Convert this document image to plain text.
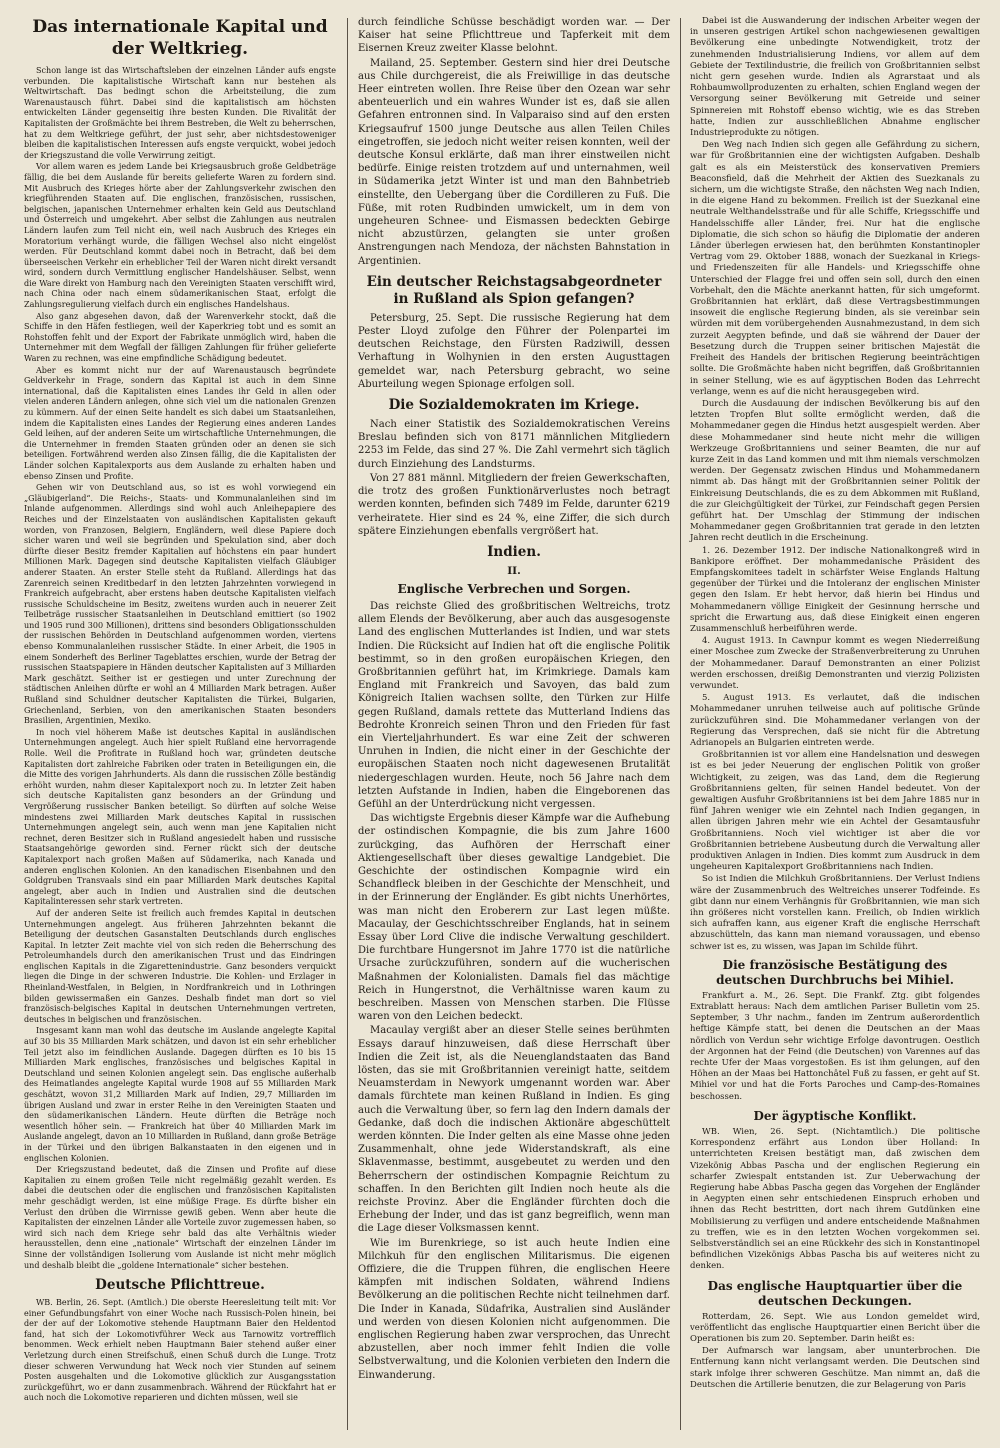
Das internationale Kapital und der Weltkrieg.

Schon lange ist das Wirtschaftsleben der einzelnen Länder aufs engste verbunden. Die kapitalistische Wirtschaft kann nur bestehen als Weltwirtschaft. Das bedingt schon die Arbeitsteilung, die zum Warenaustausch führt. Dabei sind die kapitalistisch am höchsten entwickelten Länder gegenseitig ihre besten Kunden. Die Rivalität der Kapitalisten der Großmächte bei ihrem Bestreben, die Welt zu beherrschen, hat zu dem Weltkriege geführt, der just sehr, aber nichtsdestoweniger bleiben die kapitalistischen Interessen aufs engste verquickt, wobei jedoch der Kriegszustand die volle Verwirrung zeitigt.

Vor allem waren es jedem Lande bei Kriegsausbruch große Geldbeträge fällig, die bei dem Auslande für bereits gelieferte Waren zu fordern sind. Mit Ausbruch des Krieges hörte aber der Zahlungsverkehr zwischen den kriegführenden Staaten auf. Die englischen, französischen, russischen, belgischen, japanischen Unternehmer erhalten kein Geld aus Deutschland und Österreich und umgekehrt. Aber selbst die Zahlungen aus neutralen Ländern laufen zum Teil nicht ein, weil nach Ausbruch des Krieges ein Moratorium verhängt wurde, die fälligen Wechsel also nicht eingelöst werden. Für Deutschland kommt dabei noch in Betracht, daß bei dem überseeischen Verkehr ein erheblicher Teil der Waren nicht direkt versandt wird, sondern durch Vermittlung englischer Handelshäuser. Selbst, wenn die Ware direkt von Hamburg nach den Vereinigten Staaten verschifft wird, nach China oder nach einem südamerikanischen Staat, erfolgt die Zahlungsregulierung vielfach durch ein englisches Handelshaus.

Also ganz abgesehen davon, daß der Warenverkehr stockt, daß die Schiffe in den Häfen festliegen, weil der Kaperkrieg tobt und es somit an Rohstoffen fehlt und der Export der Fabrikate unmöglich wird, haben die Unternehmer mit dem Wegfall der fälligen Zahlungen für früher gelieferte Waren zu rechnen, was eine empfindliche Schädigung bedeutet.

Aber es kommt nicht nur der auf Warenaustausch begründete Geldverkehr in Frage, sondern das Kapital ist auch in dem Sinne international, daß die Kapitalisten eines Landes ihr Geld in allen oder vielen anderen Ländern anlegen, ohne sich viel um die nationalen Grenzen zu kümmern. Auf der einen Seite handelt es sich dabei um Staatsanleihen, indem die Kapitalisten eines Landes der Regierung eines anderen Landes Geld leihen, auf der anderen Seite um wirtschaftliche Unternehmungen, die die Unternehmer in fremden Staaten gründen oder an denen sie sich beteiligen. Fortwährend werden also Zinsen fällig, die die Kapitalisten der Länder solchen Kapitalexports aus dem Auslande zu erhalten haben und ebenso Zinsen und Profite.

Gehen wir von Deutschland aus, so ist es wohl vorwiegend ein „Gläubigerland“. Die Reichs-, Staats- und Kommunalanleihen sind im Inlande aufgenommen. Allerdings sind wohl auch Anleihepapiere des Reiches und der Einzelstaaten von ausländischen Kapitalisten gekauft worden, von Franzosen, Belgiern, Engländern, weil diese Papiere doch sicher waren und weil sie begründen und Spekulation sind, aber doch dürfte dieser Besitz fremder Kapitalien auf höchstens ein paar hundert Millionen Mark. Dagegen sind deutsche Kapitalisten vielfach Gläubiger anderer Staaten. An erster Stelle steht da Rußland. Allerdings hat das Zarenreich seinen Kreditbedarf in den letzten Jahrzehnten vorwiegend in Frankreich aufgebracht, aber erstens haben deutsche Kapitalisten vielfach russische Schuldscheine im Besitz, zweitens wurden auch in neuerer Zeit Teilbeträge russischer Staatsanleihen in Deutschland emittiert (so 1902 und 1905 rund 300 Millionen), drittens sind besonders Obligationsschulden der russischen Behörden in Deutschland aufgenommen worden, viertens ebenso Kommunalanleihen russischer Städte. In einer Arbeit, die 1905 in einem Sonderheft des Berliner Tageblattes erschien, wurde der Betrag der russischen Staatspapiere in Händen deutscher Kapitalisten auf 3 Milliarden Mark geschätzt. Seither ist er gestiegen und unter Zurechnung der städtischen Anleihen dürfte er wohl an 4 Milliarden Mark betragen. Außer Rußland sind Schuldner deutscher Kapitalisten die Türkei, Bulgarien, Griechenland, Serbien, von den amerikanischen Staaten besonders Brasilien, Argentinien, Mexiko.

In noch viel höherem Maße ist deutsches Kapital in ausländischen Unternehmungen angelegt. Auch hier spielt Rußland eine hervorragende Rolle. Weil die Profitrate in Rußland hoch war, gründeten deutsche Kapitalisten dort zahlreiche Fabriken oder traten in Beteiligungen ein, die die Mitte des vorigen Jahrhunderts. Als dann die russischen Zölle beständig erhöht wurden, nahm dieser Kapitalexport noch zu. In letzter Zeit haben sich deutsche Kapitalisten ganz besonders an der Gründung und Vergrößerung russischer Banken beteiligt. So dürften auf solche Weise mindestens zwei Milliarden Mark deutsches Kapital in russischen Unternehmungen angelegt sein, auch wenn man jene Kapitalien nicht rechnet, deren Besitzer sich in Rußland angesiedelt haben und russische Staatsangehörige geworden sind. Ferner rückt sich der deutsche Kapitalexport nach großen Maßen auf Südamerika, nach Kanada und anderen englischen Kolonien. An den kanadischen Eisenbahnen und den Goldgruben Transvaals sind ein paar Milliarden Mark deutsches Kapital angelegt, aber auch in Indien und Australien sind die deutschen Kapitalinteressen sehr stark vertreten.

Auf der anderen Seite ist freilich auch fremdes Kapital in deutschen Unternehmungen angelegt. Aus früheren Jahrzehnten bekannt die Beteiligung der deutschen Gasanstalten Deutschlands durch englisches Kapital. In letzter Zeit machte viel von sich reden die Beherrschung des Petroleumhandels durch den amerikanischen Trust und das Eindringen englischen Kapitals in die Zigarettenindustrie. Ganz besonders verquickt liegen die Dinge in der schweren Industrie. Die Kohlen- und Erzlager in Rheinland-Westfalen, in Belgien, in Nordfrankreich und in Lothringen bilden gewissermaßen ein Ganzes. Deshalb findet man dort so viel französisch-belgisches Kapital in deutschen Unternehmungen vertreten, deutsches in belgischen und französischen.

Insgesamt kann man wohl das deutsche im Auslande angelegte Kapital auf 30 bis 35 Milliarden Mark schätzen, und davon ist ein sehr erheblicher Teil jetzt also im feindlichen Auslande. Dagegen dürften es 10 bis 15 Milliarden Mark englisches, französisches und belgisches Kapital in Deutschland und seinen Kolonien angelegt sein. Das englische außerhalb des Heimatlandes angelegte Kapital wurde 1908 auf 55 Milliarden Mark geschätzt, wovon 31,2 Milliarden Mark auf Indien, 29,7 Milliarden im übrigen Ausland und zwar in erster Reihe in den Vereinigten Staaten und den südamerikanischen Ländern. Heute dürften die Beträge noch wesentlich höher sein. — Frankreich hat über 40 Milliarden Mark im Auslande angelegt, davon an 10 Milliarden in Rußland, dann große Beträge in der Türkei und den übrigen Balkanstaaten in den eigenen und in englischen Kolonien.

Der Kriegszustand bedeutet, daß die Zinsen und Profite auf diese Kapitalien zu einem großen Teile nicht regelmäßig gezahlt werden. Es dabei die deutschen oder die englischen und französischen Kapitalisten mehr geschädigt werden, ist eine müßige Frage. Es dürfte bisher ein Verlust den drüben die Wirrnisse gewiß geben. Wenn aber heute die Kapitalisten der einzelnen Länder alle Vorteile zuvor zugemessen haben, so wird sich nach dem Kriege sehr bald das alte Verhältnis wieder herausstellen, denn eine „nationale“ Wirtschaft der einzelnen Länder im Sinne der vollständigen Isolierung vom Auslande ist nicht mehr möglich und deshalb bleibt die „goldene Internationale“ sicher bestehen.

Deutsche Pflichttreue.

WB. Berlin, 26. Sept. (Amtlich.) Die oberste Heeresleitung teilt mit: Vor einer Gefundbungsfahrt von einer Woche nach Russisch-Polen hinein, bei der der auf der Lokomotive stehende Hauptmann Baier den Heldentod fand, hat sich der Lokomotivführer Weck aus Tarnowitz vortrefflich benommen. Weck erhielt neben Hauptmann Baier stehend außer einer Verletzung durch einen Streifschuß, einen Schuß durch die Lunge. Trotz dieser schweren Verwundung hat Weck noch vier Stunden auf seinem Posten ausgehalten und die Lokomotive glücklich zur Ausgangsstation zurückgeführt, wo er dann zusammenbrach. Während der Rückfahrt hat er auch noch die Lokomotive reparieren und dichten müssen, weil sie

durch feindliche Schüsse beschädigt worden war. — Der Kaiser hat seine Pflichttreue und Tapferkeit mit dem Eisernen Kreuz zweiter Klasse belohnt.

Mailand, 25. September. Gestern sind hier drei Deutsche aus Chile durchgereist, die als Freiwillige in das deutsche Heer eintreten wollen. Ihre Reise über den Ozean war sehr abenteuerlich und ein wahres Wunder ist es, daß sie allen Gefahren entronnen sind. In Valparaiso sind auf den ersten Kriegsaufruf 1500 junge Deutsche aus allen Teilen Chiles eingetroffen, sie jedoch nicht weiter reisen konnten, weil der deutsche Konsul erklärte, daß man ihrer einstweilen nicht bedürfe. Einige reisten trotzdem auf und unternahmen, weil in Südamerika jetzt Winter ist und man den Bahnbetrieb einstellte, den Uebergang über die Cordilleren zu Fuß. Die Füße, mit roten Rudbinden umwickelt, um in dem von ungeheuren Schnee- und Eismassen bedeckten Gebirge nicht abzustürzen, gelangten sie unter großen Anstrengungen nach Mendoza, der nächsten Bahnstation in Argentinien.

Ein deutscher Reichstagsabgeordneter in Rußland als Spion gefangen?

Petersburg, 25. Sept. Die russische Regierung hat dem Pester Lloyd zufolge den Führer der Polenpartei im deutschen Reichstage, den Fürsten Radziwill, dessen Verhaftung in Wolhynien in den ersten Augusttagen gemeldet war, nach Petersburg gebracht, wo seine Aburteilung wegen Spionage erfolgen soll.

Die Sozialdemokraten im Kriege.

Nach einer Statistik des Sozialdemokratischen Vereins Breslau befinden sich von 8171 männlichen Mitgliedern 2253 im Felde, das sind 27 %. Die Zahl vermehrt sich täglich durch Einziehung des Landsturms.

Von 27 881 männl. Mitgliedern der freien Gewerkschaften, die trotz des großen Funktionärverlustes noch betragt werden konnten, befinden sich 7489 im Felde, darunter 6219 verheiratete. Hier sind es 24 %, eine Ziffer, die sich durch spätere Einziehungen ebenfalls vergrößert hat.

Indien.
II.
Englische Verbrechen und Sorgen.

Das reichste Glied des großbritischen Weltreichs, trotz allem Elends der Bevölkerung, aber auch das ausgesogenste Land des englischen Mutterlandes ist Indien, und war stets Indien. Die Rücksicht auf Indien hat oft die englische Politik bestimmt, so in den großen europäischen Kriegen, den Großbritannien geführt hat, im Krimkriege. Damals kam England mit Frankreich und Savoyen, das bald zum Königreich Italien wachsen sollte, den Türken zur Hilfe gegen Rußland, damals rettete das Mutterland Indiens das Bedrohte Kronreich seinen Thron und den Frieden für fast ein Vierteljahrhundert. Es war eine Zeit der schweren Unruhen in Indien, die nicht einer in der Geschichte der europäischen Staaten noch nicht dagewesenen Brutalität niedergeschlagen wurden. Heute, noch 56 Jahre nach dem letzten Aufstande in Indien, haben die Eingeborenen das Gefühl an der Unterdrückung nicht vergessen.

Das wichtigste Ergebnis dieser Kämpfe war die Aufhebung der ostindischen Kompagnie, die bis zum Jahre 1600 zurückging, das Aufhören der Herrschaft einer Aktiengesellschaft über dieses gewaltige Landgebiet. Die Geschichte der ostindischen Kompagnie wird ein Schandfleck bleiben in der Geschichte der Menschheit, und in der Erinnerung der Engländer. Es gibt nichts Unerhörtes, was man nicht den Eroberern zur Last legen müßte. Macaulay, der Geschichtsschreiber Englands, hat in seinem Essay über Lord Clive die indische Verwaltung geschildert. Die furchtbare Hungersnot im Jahre 1770 ist die natürliche Ursache zurückzuführen, sondern auf die wucherischen Maßnahmen der Kolonialisten. Damals fiel das mächtige Reich in Hungerstnot, die Verhältnisse waren kaum zu beschreiben. Massen von Menschen starben. Die Flüsse waren von den Leichen bedeckt.

Macaulay vergißt aber an dieser Stelle seines berühmten Essays darauf hinzuweisen, daß diese Herrschaft über Indien die Zeit ist, als die Neuenglandstaaten das Band lösten, das sie mit Großbritannien vereinigt hatte, seitdem Neuamsterdam in Newyork umgenannt worden war. Aber damals fürchtete man keinen Rußland in Indien. Es ging auch die Verwaltung über, so fern lag den Indern damals der Gedanke, daß doch die indischen Aktionäre abgeschüttelt werden könnten. Die Inder gelten als eine Masse ohne jeden Zusammenhalt, ohne jede Widerstandskraft, als eine Sklavenmasse, bestimmt, ausgebeutet zu werden und den Beherrschern der ostindischen Kompagnie Reichtum zu schaffen. In den Berichten gilt Indien noch heute als die reichste Provinz. Aber die Engländer fürchten doch die Erhebung der Inder, und das ist ganz begreiflich, wenn man die Lage dieser Volksmassen kennt.

Wie im Burenkriege, so ist auch heute Indien eine Milchkuh für den englischen Militarismus. Die eigenen Offiziere, die die Truppen führen, die englischen Heere kämpfen mit indischen Soldaten, während Indiens Bevölkerung an die politischen Rechte nicht teilnehmen darf. Die Inder in Kanada, Südafrika, Australien sind Ausländer und werden von diesen Kolonien nicht aufgenommen. Die englischen Regierung haben zwar versprochen, das Unrecht abzustellen, aber noch immer fehlt Indien die volle Selbstverwaltung, und die Kolonien verbieten den Indern die Einwanderung.

Dabei ist die Auswanderung der indischen Arbeiter wegen der in unseren gestrigen Artikel schon nachgewiesenen gewaltigen Bevölkerung eine unbedingte Notwendigkeit, trotz der zunehmenden Industrialisierung Indiens, vor allem auf dem Gebiete der Textilindustrie, die freilich von Großbritannien selbst nicht gern gesehen wurde. Indien als Agrarstaat und als Rohbaumwollproduzenten zu erhalten, schien England wegen der Versorgung seiner Bevölkerung mit Getreide und seiner Spinnereien mit Rohstoff ebenso wichtig, wie es das Streben hatte, Indien zur ausschließlichen Abnahme englischer Industrieprodukte zu nötigen.

Den Weg nach Indien sich gegen alle Gefährdung zu sichern, war für Großbritannien eine der wichtigsten Aufgaben. Deshalb galt es als ein Meisterstück des konservativen Premiers Beaconsfield, daß die Mehrheit der Aktien des Suezkanals zu sichern, um die wichtigste Straße, den nächsten Weg nach Indien, in die eigene Hand zu bekommen. Freilich ist der Suezkanal eine neutrale Welthandelsstraße und für alle Schiffe, Kriegsschiffe und Handelsschiffe aller Länder, frei. Nur hat die englische Diplomatie, die sich schon so häufig die Diplomatie der anderen Länder überlegen erwiesen hat, den berühmten Konstantinopler Vertrag vom 29. Oktober 1888, wonach der Suezkanal in Kriegs- und Friedenszeiten für alle Handels- und Kriegsschiffe ohne Unterschied der Flagge frei und offen sein soll, durch den einen Vorbehalt, den die Mächte anerkannt hatten, für sich umgeformt. Großbritannien hat erklärt, daß diese Vertragsbestimmungen insoweit die englische Regierung binden, als sie vereinbar sein würden mit dem vorübergehenden Ausnahmezustand, in dem sich zurzeit Aegypten befinde, und daß sie während der Dauer der Besetzung durch die Truppen seiner britischen Majestät die Freiheit des Handels der britischen Regierung beeinträchtigen sollte. Die Großmächte haben nicht begriffen, daß Großbritannien in seiner Stellung, wie es auf ägyptischen Boden das Lehrrecht verlange, wenn es auf die nicht herausgegeben wird.

Durch die Ausdauung der indischen Bevölkerung bis auf den letzten Tropfen Blut sollte ermöglicht werden, daß die Mohammedaner gegen die Hindus hetzt ausgespielt werden. Aber diese Mohammedaner sind heute nicht mehr die willigen Werkzeuge Großbritanniens und seiner Beamten, die nur auf kurze Zeit in das Land kommen und mit ihm niemals verschmolzen werden. Der Gegensatz zwischen Hindus und Mohammedanern nimmt ab. Das hängt mit der Großbritannien seiner Politik der Einkreisung Deutschlands, die es zu dem Abkommen mit Rußland, die zur Gleichgültigkeit der Türkei, zur Feindschaft gegen Persien geführt hat. Der Umschlag der Stimmung der indischen Mohammedaner gegen Großbritannien trat gerade in den letzten Jahren recht deutlich in die Erscheinung.

1. 26. Dezember 1912. Der indische Nationalkongreß wird in Bankipore eröffnet. Der mohammedanische Präsident des Empfangskomitees tadelt in schärfster Weise Englands Haltung gegenüber der Türkei und die Intoleranz der englischen Minister gegen den Islam. Er hebt hervor, daß hierin bei Hindus und Mohammedanern völlige Einigkeit der Gesinnung herrsche und spricht die Erwartung aus, daß diese Einigkeit einen engeren Zusammenschluß herbeiführen werde.

4. August 1913. In Cawnpur kommt es wegen Niederreißung einer Moschee zum Zwecke der Straßenverbreiterung zu Unruhen der Mohammedaner. Darauf Demonstranten an einer Polizist werden erschossen, dreißig Demonstranten und vierzig Polizisten verwundet.

5. August 1913. Es verlautet, daß die indischen Mohammedaner unruhen teilweise auch auf politische Gründe zurückzuführen sind. Die Mohammedaner verlangen von der Regierung das Versprechen, daß sie nicht für die Abtretung Adrianopels an Bulgarien eintreten werde.

Großbritannien ist vor allem eine Handelsnation und deswegen ist es bei jeder Neuerung der englischen Politik von großer Wichtigkeit, zu zeigen, was das Land, dem die Regierung Großbritanniens gelten, für seinen Handel bedeutet. Von der gewaltigen Ausfuhr Großbritanniens ist bei dem Jahre 1885 nur in fünf Jahren weniger wie ein Zehntel nach Indien gegangen, in allen übrigen Jahren mehr wie ein Achtel der Gesamtausfuhr Großbritanniens. Noch viel wichtiger ist aber die vor Großbritannien betriebene Ausbeutung durch die Verwaltung aller produktiven Anlagen in Indien. Dies kommt zum Ausdruck in dem ungeheuren Kapitalexport Großbritanniens nach Indien.

So ist Indien die Milchkuh Großbritanniens. Der Verlust Indiens wäre der Zusammenbruch des Weltreiches unserer Todfeinde. Es gibt dann nur einem Verhängnis für Großbritannien, wie man sich ihn größeres nicht vorstellen kann. Freilich, ob Indien wirklich sich aufraffen kann, aus eigener Kraft die englische Herrschaft abzuschütteln, das kann man niemand voraussagen, und ebenso schwer ist es, zu wissen, was Japan im Schilde führt.

Die französische Bestätigung des deutschen Durchbruchs bei Mihiel.

Frankfurt a. M., 26. Sept. Die Frankf. Ztg. gibt folgendes Extrablatt heraus: Nach dem amtlichen Pariser Bulletin vom 25. September, 3 Uhr nachm., fanden im Zentrum außerordentlich heftige Kämpfe statt, bei denen die Deutschen an der Maas nördlich von Verdun sehr wichtige Erfolge davontrugen. Oestlich der Argonnen hat der Feind (die Deutschen) von Varennes auf das rechte Ufer der Maas vorgestoßen. Es ist ihm gelungen, auf den Höhen an der Maas bei Hattonchâtel Fuß zu fassen, er geht auf St. Mihiel vor und hat die Forts Paroches und Camp-des-Romaines beschossen.

Der ägyptische Konflikt.

WB. Wien, 26. Sept. (Nichtamtlich.) Die politische Korrespondenz erfährt aus London über Holland: In unterrichteten Kreisen bestätigt man, daß zwischen dem Vizekönig Abbas Pascha und der englischen Regierung ein scharfer Zwiespalt entstanden ist. Zur Ueberwachung der Regierung habe Abbas Pascha gegen das Vorgehen der Engländer in Aegypten einen sehr entschiedenen Einspruch erhoben und ihnen das Recht bestritten, dort nach ihrem Gutdünken eine Mobilisierung zu verfügen und andere entscheidende Maßnahmen zu treffen, wie es in den letzten Wochen vorgekommen sei. Selbstverständlich sei an eine Rückkehr des sich in Konstantinopel befindlichen Vizekönigs Abbas Pascha bis auf weiteres nicht zu denken.

Das englische Hauptquartier über die deutschen Deckungen.

Rotterdam, 26. Sept. Wie aus London gemeldet wird, veröffentlicht das englische Hauptquartier einen Bericht über die Operationen bis zum 20. September. Darin heißt es:

Der Aufmarsch war langsam, aber ununterbrochen. Die Entfernung kann nicht verlangsamt werden. Die Deutschen sind stark infolge ihrer schweren Geschütze. Man nimmt an, daß die Deutschen die Artillerie benutzen, die zur Belagerung von Paris
